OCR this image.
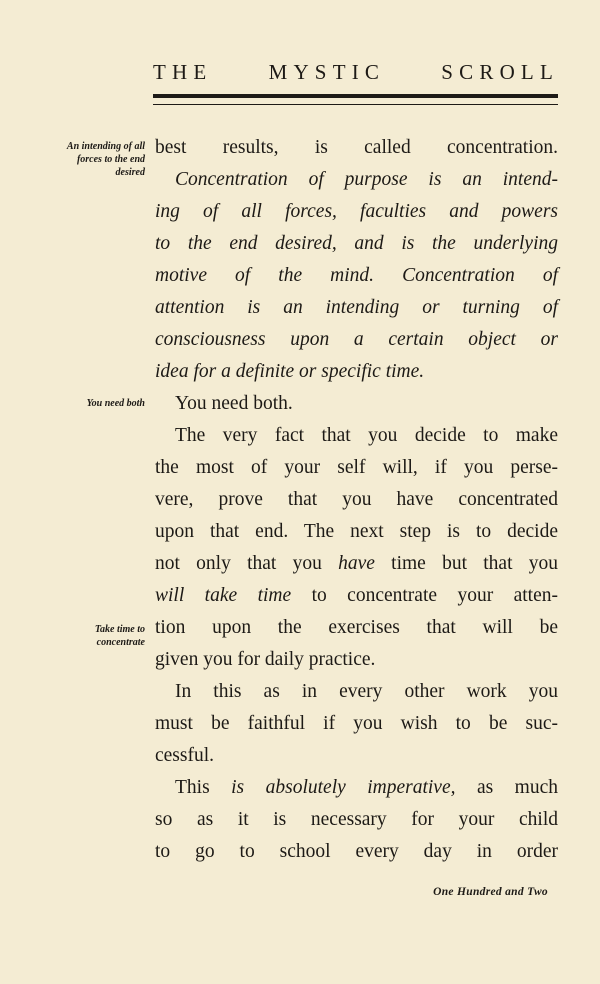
THE MYSTIC SCROLL
An intending of all
forces to the end
desired
You need both
Take time to
concentrate
best results, is called concentration.
Concentration of purpose is an intend-
ing of all forces, faculties and powers
to the end desired, and is the underlying
motive of the mind. Concentration of
attention is an intending or turning of
consciousness upon a certain object or
idea for a definite or specific time.
You need both.
The very fact that you decide to make
the most of your self will, if you perse-
vere, prove that you have concentrated
upon that end. The next step is to decide
not only that you have time but that you
will take time to concentrate your atten-
tion upon the exercises that will be
given you for daily practice.
In this as in every other work you
must be faithful if you wish to be suc-
cessful.
This is absolutely imperative, as much
so as it is necessary for your child
to go to school every day in order
One Hundred and Two
